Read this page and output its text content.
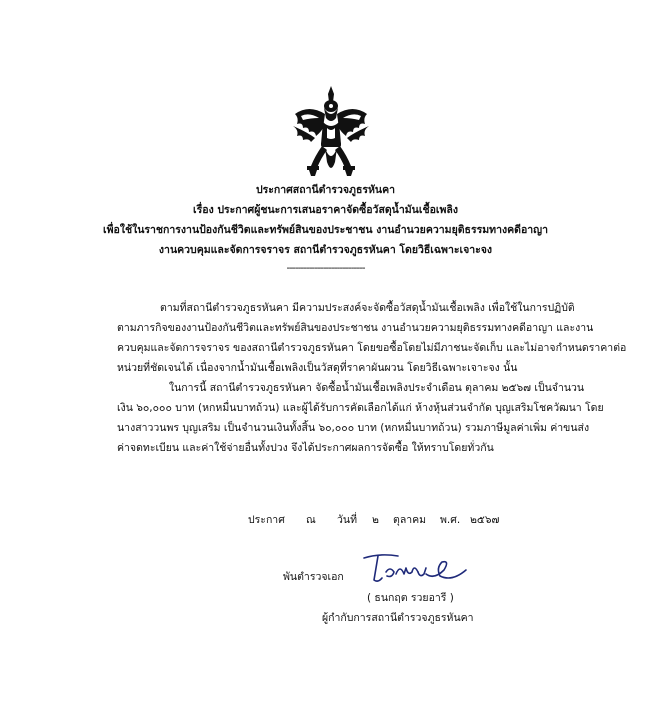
ประกาศสถานีตำรวจภูธรหันคา
เรื่อง ประกาศผู้ชนะการเสนอราคาจัดซื้อวัสดุน้ำมันเชื้อเพลิง
เพื่อใช้ในราชการงานป้องกันชีวิตและทรัพย์สินของประชาชน งานอำนวยความยุติธรรมทางคดีอาญา
งานควบคุมและจัดการจราจร สถานีตำรวจภูธรหันคา โดยวิธีเฉพาะเจาะจง
----------------------------
ตามที่สถานีตำรวจภูธรหันคา มีความประสงค์จะจัดซื้อวัสดุน้ำมันเชื้อเพลิง เพื่อใช้ในการปฏิบัติ
ตามภารกิจของงานป้องกันชีวิตและทรัพย์สินของประชาชน งานอำนวยความยุติธรรมทางคดีอาญา และงาน
ควบคุมและจัดการจราจร ของสถานีตำรวจภูธรหันคา โดยขอซื้อโดยไม่มีภาชนะจัดเก็บ และไม่อาจกำหนดราคาต่อ
หน่วยที่ชัดเจนได้ เนื่องจากน้ำมันเชื้อเพลิงเป็นวัสดุที่ราคาผันผวน โดยวิธีเฉพาะเจาะจง นั้น
ในการนี้ สถานีตำรวจภูธรหันคา จัดซื้อน้ำมันเชื้อเพลิงประจำเดือน ตุลาคม ๒๕๖๗ เป็นจำนวน
เงิน ๖๐,๐๐๐ บาท (หกหมื่นบาทถ้วน) และผู้ได้รับการคัดเลือกได้แก่ ห้างหุ้นส่วนจำกัด บุญเสริมโชควัฒนา โดย
นางสาววนพร บุญเสริม เป็นจำนวนเงินทั้งสิ้น ๖๐,๐๐๐ บาท (หกหมื่นบาทถ้วน) รวมภาษีมูลค่าเพิ่ม ค่าขนส่ง
ค่าจดทะเบียน และค่าใช้จ่ายอื่นทั้งปวง จึงได้ประกาศผลการจัดซื้อ ให้ทราบโดยทั่วกัน
ประกาศ ณ วันที่ ๒ ตุลาคม พ.ศ. ๒๕๖๗
พันตำรวจเอก
( ธนกฤต รวยอารี )
ผู้กำกับการสถานีตำรวจภูธรหันคา
